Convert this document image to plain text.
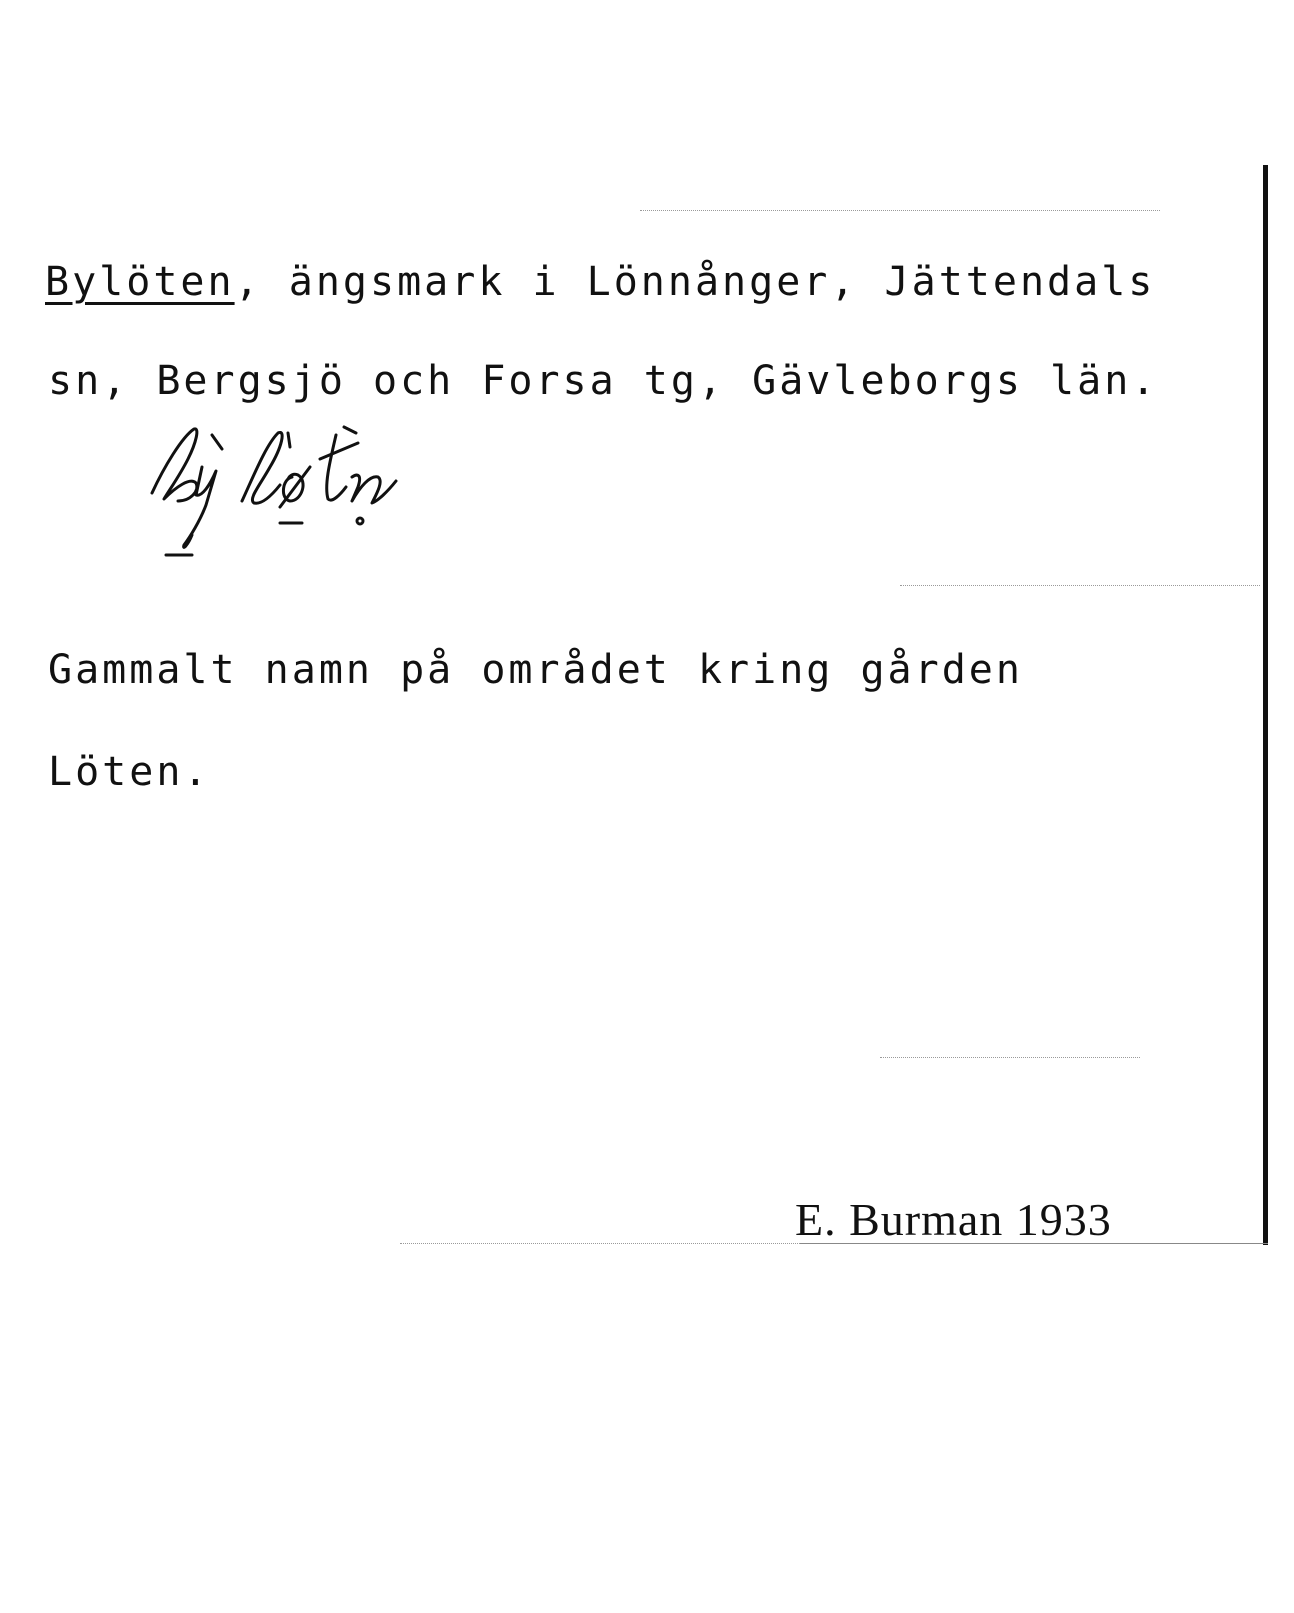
Bylöten, ängsmark i Lönnånger, Jättendals
sn, Bergsjö och Forsa tg, Gävleborgs län.
Gammalt namn på området kring gården
Löten.
E. Burman 1933
